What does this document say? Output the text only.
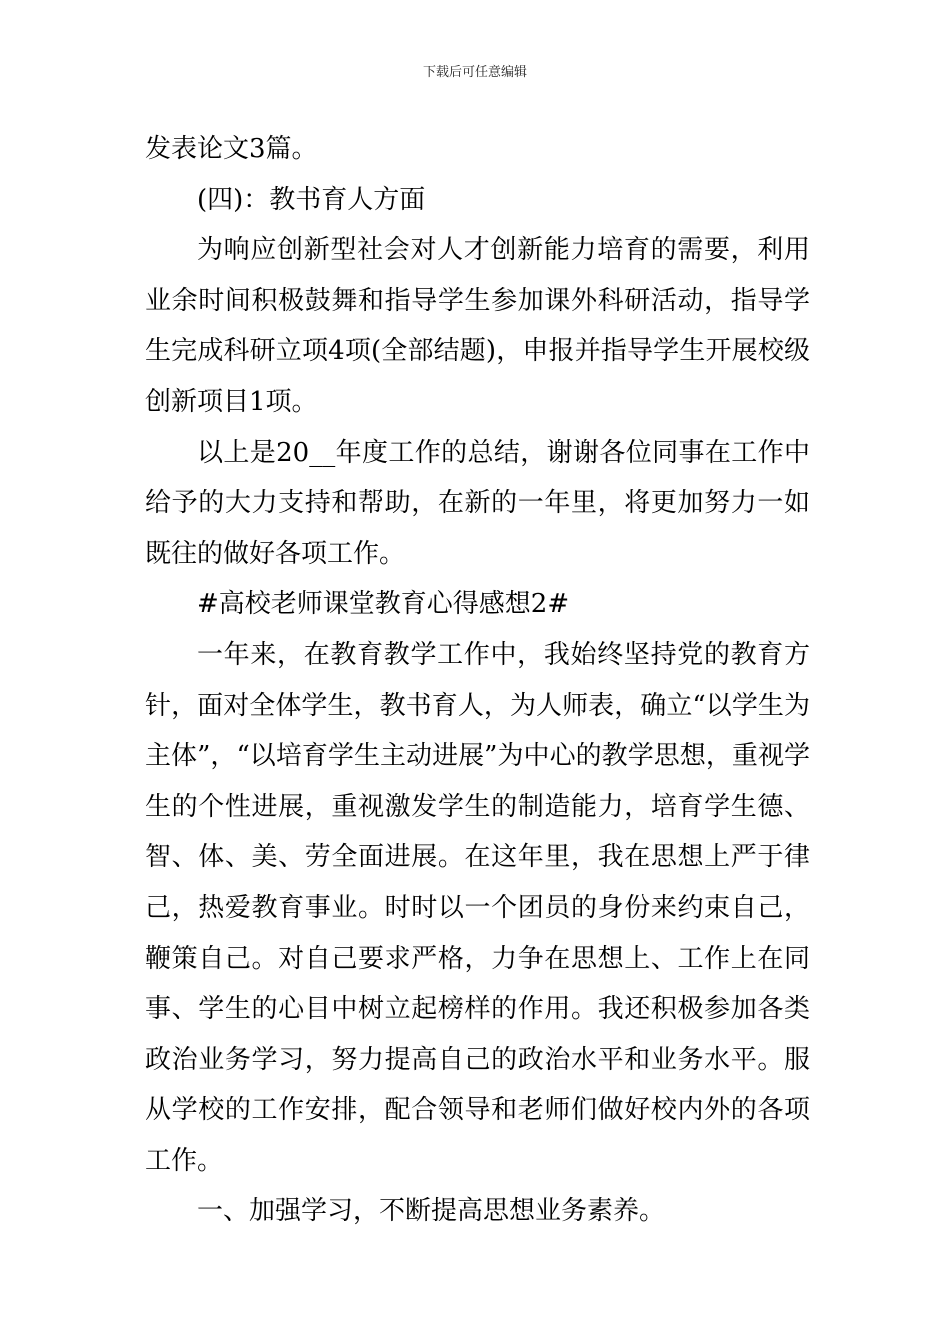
下载后可任意编辑

发表论文3篇。

(四)：教书育人方面

为响应创新型社会对人才创新能力培育的需要，利用业余时间积极鼓舞和指导学生参加课外科研活动，指导学生完成科研立项4项(全部结题)，申报并指导学生开展校级创新项目1项。

以上是20__年度工作的总结，谢谢各位同事在工作中给予的大力支持和帮助，在新的一年里，将更加努力一如既往的做好各项工作。

#高校老师课堂教育心得感想2#

一年来，在教育教学工作中，我始终坚持党的教育方针，面对全体学生，教书育人，为人师表，确立“以学生为主体”，“以培育学生主动进展”为中心的教学思想，重视学生的个性进展，重视激发学生的制造能力，培育学生德、智、体、美、劳全面进展。在这年里，我在思想上严于律己，热爱教育事业。时时以一个团员的身份来约束自己，鞭策自己。对自己要求严格，力争在思想上、工作上在同事、学生的心目中树立起榜样的作用。我还积极参加各类政治业务学习，努力提高自己的政治水平和业务水平。服从学校的工作安排，配合领导和老师们做好校内外的各项工作。

一、加强学习，不断提高思想业务素养。
